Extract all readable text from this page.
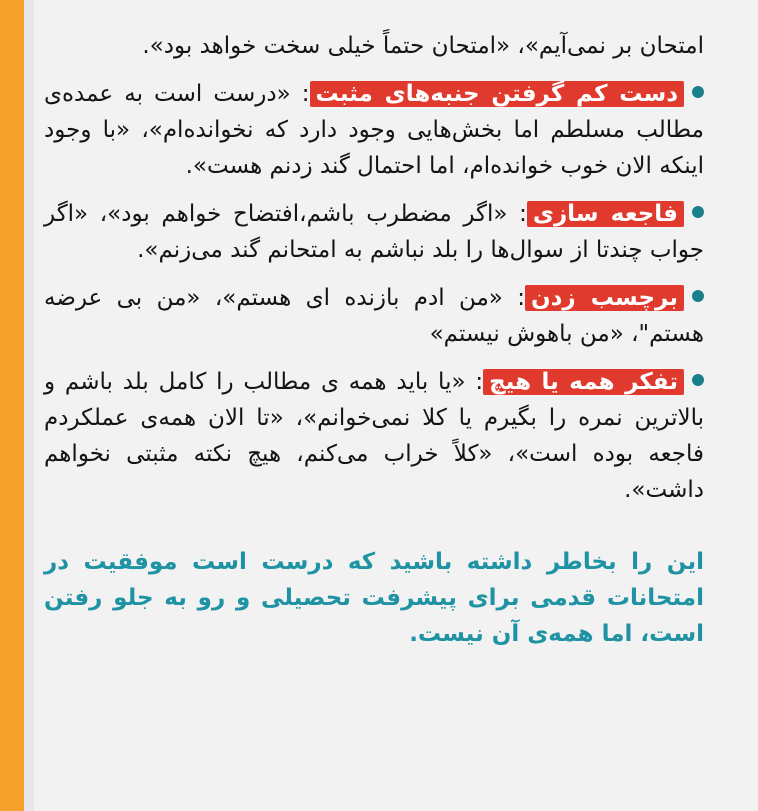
امتحان بر نمی‌آیم»، «امتحان حتماً خیلی سخت خواهد بود».

دست کم گرفتن جنبه‌های مثبت: «درست است به عمده‌ی مطالب مسلطم اما بخش‌هایی وجود دارد که نخوانده‌ام»، «با وجود اینکه الان خوب خوانده‌ام، اما احتمال گند زدنم هست».
فاجعه سازی: «اگر مضطرب باشم،افتضاح خواهم بود»، «اگر جواب چندتا از سوال‌ها را بلد نباشم به امتحانم گند می‌زنم».
برچسب زدن: «من ادم بازنده ای هستم»، «من بی عرضه هستم"، «من باهوش نیستم»
تفکر همه یا هیچ: «یا باید همه ی مطالب را کامل بلد باشم و بالاترین نمره را بگیرم یا کلا نمی‌خوانم»، «تا الان همه‌ی عملکردم فاجعه بوده است»، «کلاً خراب می‌کنم، هیچ نکته مثبتی نخواهم داشت».

این را بخاطر داشته باشید که درست است موفقیت در امتحانات قدمی برای پیشرفت تحصیلی و رو به جلو رفتن است، اما همه‌ی آن نیست.
